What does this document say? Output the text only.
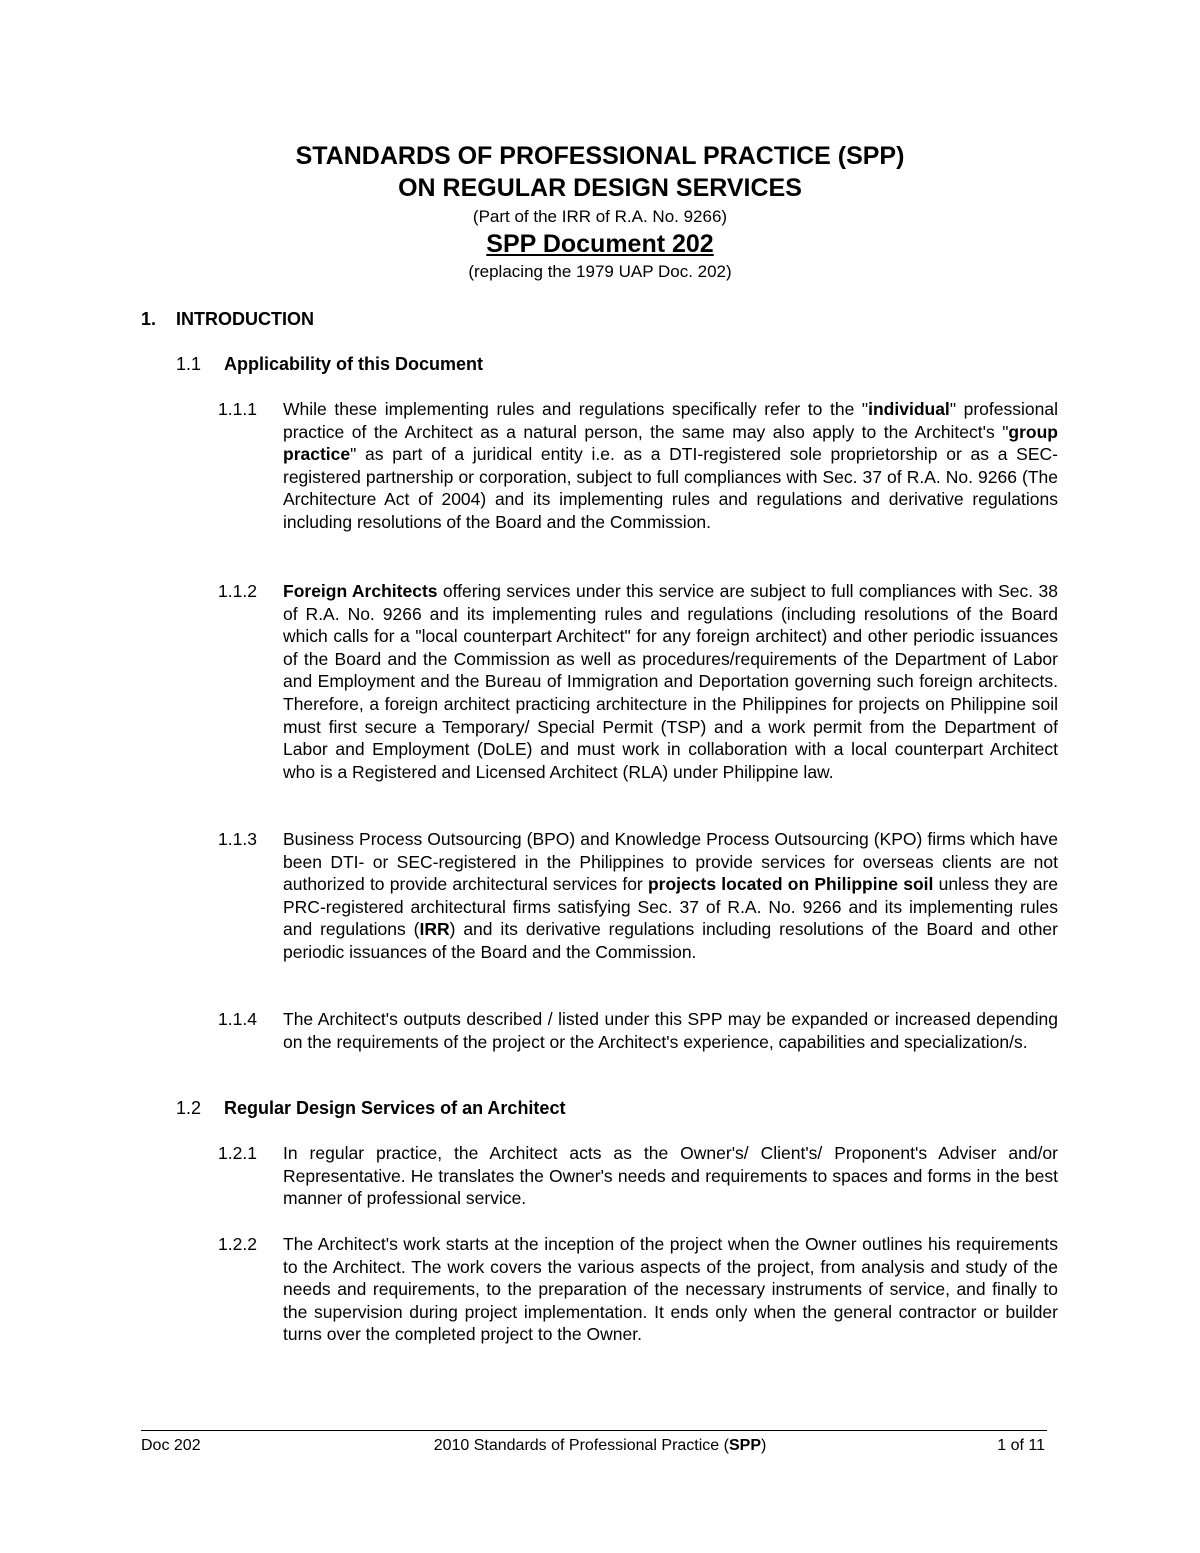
STANDARDS OF PROFESSIONAL PRACTICE (SPP)
ON REGULAR DESIGN SERVICES
(Part of the IRR of R.A. No. 9266)
SPP Document 202
(replacing the 1979 UAP Doc. 202)
1. INTRODUCTION
1.1 Applicability of this Document
1.1.1 While these implementing rules and regulations specifically refer to the "individual" professional practice of the Architect as a natural person, the same may also apply to the Architect's "group practice" as part of a juridical entity i.e. as a DTI-registered sole proprietorship or as a SEC-registered partnership or corporation, subject to full compliances with Sec. 37 of R.A. No. 9266 (The Architecture Act of 2004) and its implementing rules and regulations and derivative regulations including resolutions of the Board and the Commission.
1.1.2 Foreign Architects offering services under this service are subject to full compliances with Sec. 38 of R.A. No. 9266 and its implementing rules and regulations (including resolutions of the Board which calls for a "local counterpart Architect" for any foreign architect) and other periodic issuances of the Board and the Commission as well as procedures/requirements of the Department of Labor and Employment and the Bureau of Immigration and Deportation governing such foreign architects. Therefore, a foreign architect practicing architecture in the Philippines for projects on Philippine soil must first secure a Temporary/ Special Permit (TSP) and a work permit from the Department of Labor and Employment (DoLE) and must work in collaboration with a local counterpart Architect who is a Registered and Licensed Architect (RLA) under Philippine law.
1.1.3 Business Process Outsourcing (BPO) and Knowledge Process Outsourcing (KPO) firms which have been DTI- or SEC-registered in the Philippines to provide services for overseas clients are not authorized to provide architectural services for projects located on Philippine soil unless they are PRC-registered architectural firms satisfying Sec. 37 of R.A. No. 9266 and its implementing rules and regulations (IRR) and its derivative regulations including resolutions of the Board and other periodic issuances of the Board and the Commission.
1.1.4 The Architect's outputs described / listed under this SPP may be expanded or increased depending on the requirements of the project or the Architect's experience, capabilities and specialization/s.
1.2 Regular Design Services of an Architect
1.2.1 In regular practice, the Architect acts as the Owner's/ Client's/ Proponent's Adviser and/or Representative. He translates the Owner's needs and requirements to spaces and forms in the best manner of professional service.
1.2.2 The Architect's work starts at the inception of the project when the Owner outlines his requirements to the Architect. The work covers the various aspects of the project, from analysis and study of the needs and requirements, to the preparation of the necessary instruments of service, and finally to the supervision during project implementation. It ends only when the general contractor or builder turns over the completed project to the Owner.
Doc 202	2010 Standards of Professional Practice (SPP)	1 of 11
